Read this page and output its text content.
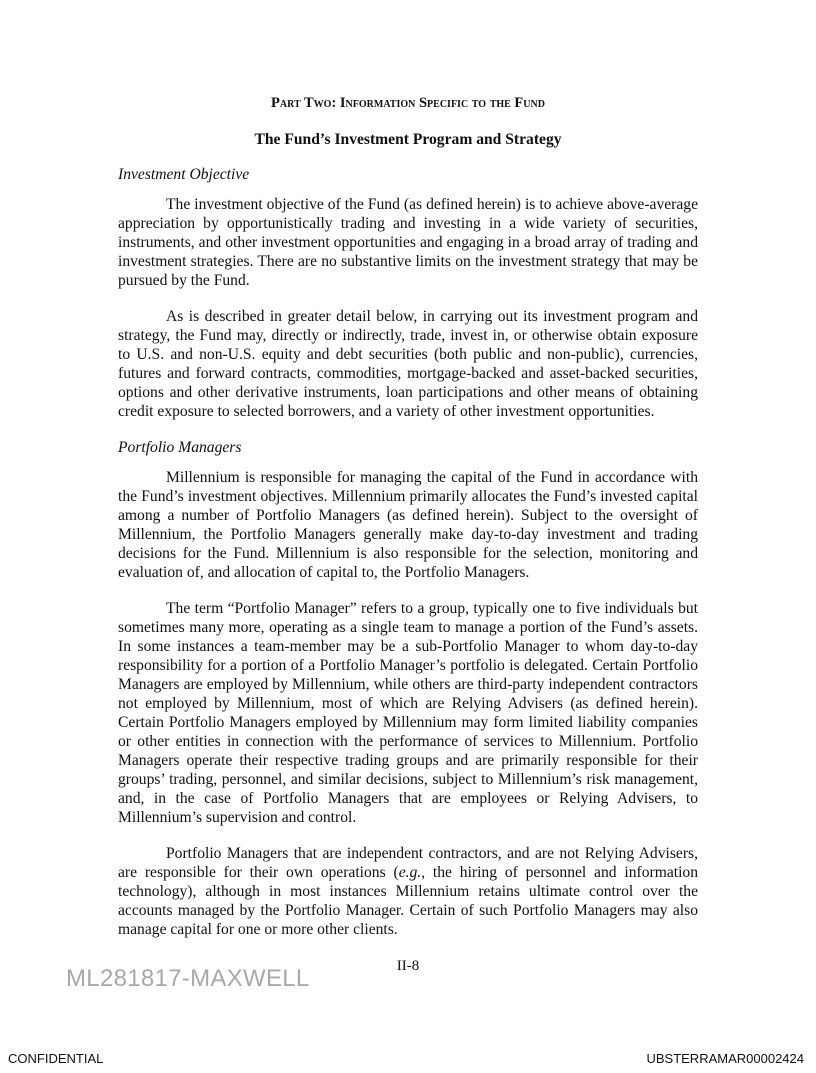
Part Two: Information Specific to the Fund
The Fund’s Investment Program and Strategy
Investment Objective

The investment objective of the Fund (as defined herein) is to achieve above-average appreciation by opportunistically trading and investing in a wide variety of securities, instruments, and other investment opportunities and engaging in a broad array of trading and investment strategies. There are no substantive limits on the investment strategy that may be pursued by the Fund.

As is described in greater detail below, in carrying out its investment program and strategy, the Fund may, directly or indirectly, trade, invest in, or otherwise obtain exposure to U.S. and non-U.S. equity and debt securities (both public and non-public), currencies, futures and forward contracts, commodities, mortgage-backed and asset-backed securities, options and other derivative instruments, loan participations and other means of obtaining credit exposure to selected borrowers, and a variety of other investment opportunities.

Portfolio Managers

Millennium is responsible for managing the capital of the Fund in accordance with the Fund’s investment objectives. Millennium primarily allocates the Fund’s invested capital among a number of Portfolio Managers (as defined herein). Subject to the oversight of Millennium, the Portfolio Managers generally make day-to-day investment and trading decisions for the Fund. Millennium is also responsible for the selection, monitoring and evaluation of, and allocation of capital to, the Portfolio Managers.

The term “Portfolio Manager” refers to a group, typically one to five individuals but sometimes many more, operating as a single team to manage a portion of the Fund’s assets. In some instances a team-member may be a sub-Portfolio Manager to whom day-to-day responsibility for a portion of a Portfolio Manager’s portfolio is delegated. Certain Portfolio Managers are employed by Millennium, while others are third-party independent contractors not employed by Millennium, most of which are Relying Advisers (as defined herein). Certain Portfolio Managers employed by Millennium may form limited liability companies or other entities in connection with the performance of services to Millennium. Portfolio Managers operate their respective trading groups and are primarily responsible for their groups’ trading, personnel, and similar decisions, subject to Millennium’s risk management, and, in the case of Portfolio Managers that are employees or Relying Advisers, to Millennium’s supervision and control.

Portfolio Managers that are independent contractors, and are not Relying Advisers, are responsible for their own operations (e.g., the hiring of personnel and information technology), although in most instances Millennium retains ultimate control over the accounts managed by the Portfolio Manager. Certain of such Portfolio Managers may also manage capital for one or more other clients.

II-8
ML281817-MAXWELL
CONFIDENTIAL	UBSTERRAMAR00002424
